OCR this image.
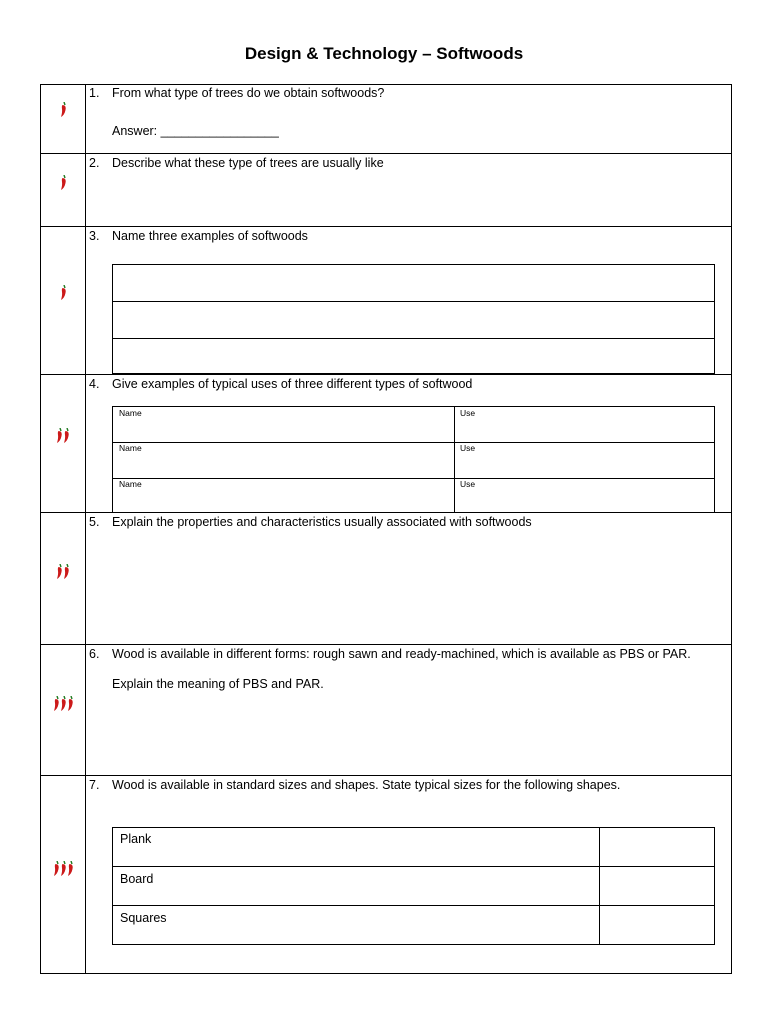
Design & Technology – Softwoods
1. From what type of trees do we obtain softwoods?
Answer: _________________
2. Describe what these type of trees are usually like
3. Name three examples of softwoods
4. Give examples of typical uses of three different types of softwood
Name	Use
Name	Use
Name	Use
5. Explain the properties and characteristics usually associated with softwoods
6. Wood is available in different forms: rough sawn and ready-machined, which is available as PBS or PAR.
Explain the meaning of PBS and PAR.
7. Wood is available in standard sizes and shapes. State typical sizes for the following shapes.
Plank
Board
Squares
